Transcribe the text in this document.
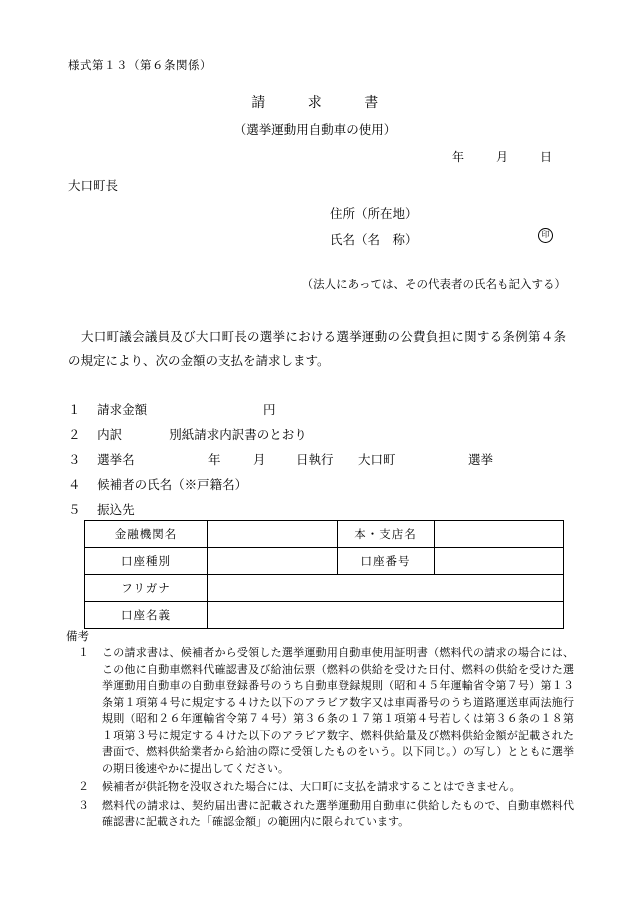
様式第１３（第６条関係）
請	求	書
（選挙運動用自動車の使用）
年	月	日
大口町長
住所（所在地）
氏名（名　称）	印
（法人にあっては、その代表者の氏名も記入する）
大口町議会議員及び大口町長の選挙における選挙運動の公費負担に関する条例第４条の規定により、次の金額の支払を請求します。
１ 請求金額	円
２ 内訳	別紙請求内訳書のとおり
３ 選挙名	年	月 日執行 大口町	選挙
４ 候補者の氏名（※戸籍名）
５ 振込先
金融機関名		本・支店名	
口座種別		口座番号	
フリガナ			
口座名義			
備考
１ この請求書は、候補者から受領した選挙運動用自動車使用証明書（燃料代の請求の場合には、この他に自動車燃料代確認書及び給油伝票（燃料の供給を受けた日付、燃料の供給を受けた選挙運動用自動車の自動車登録番号のうち自動車登録規則（昭和４５年運輸省令第７号）第１３条第１項第４号に規定する４けた以下のアラビア数字又は車両番号のうち道路運送車両法施行規則（昭和２６年運輸省令第７４号）第３６条の１７第１項第４号若しくは第３６条の１８第１項第３号に規定する４けた以下のアラビア数字、燃料供給量及び燃料供給金額が記載された書面で、燃料供給業者から給油の際に受領したものをいう。以下同じ。）の写し）とともに選挙の期日後速やかに提出してください。
２ 候補者が供託物を没収された場合には、大口町に支払を請求することはできません。
３ 燃料代の請求は、契約届出書に記載された選挙運動用自動車に供給したもので、自動車燃料代確認書に記載された「確認金額」の範囲内に限られています。
